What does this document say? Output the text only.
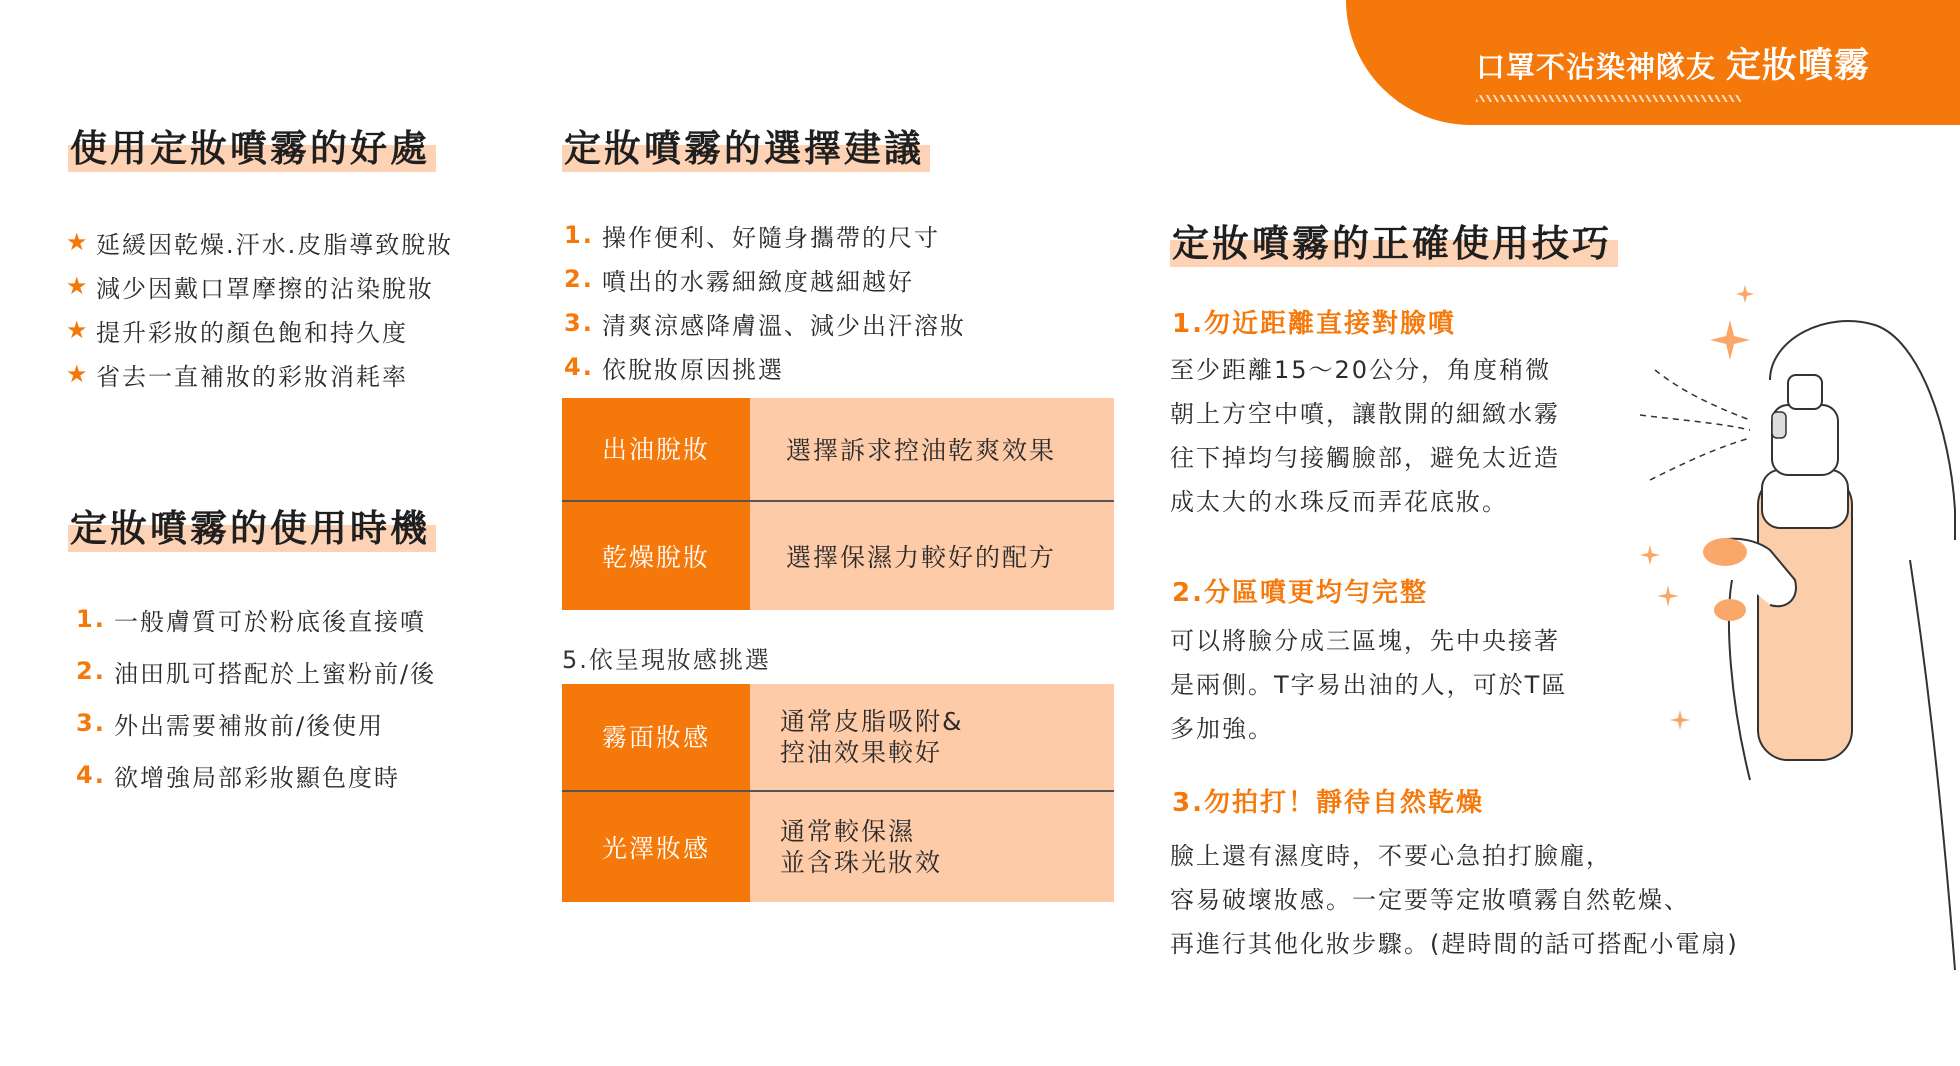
口罩不沾染神隊友 定妝噴霧
使用定妝噴霧的好處
★ 延緩因乾燥.汗水.皮脂導致脫妝
★ 減少因戴口罩摩擦的沾染脫妝
★ 提升彩妝的顏色飽和持久度
★ 省去一直補妝的彩妝消耗率
定妝噴霧的使用時機
1. 一般膚質可於粉底後直接噴
2. 油田肌可搭配於上蜜粉前/後
3. 外出需要補妝前/後使用
4. 欲增強局部彩妝顯色度時
定妝噴霧的選擇建議
1. 操作便利、好隨身攜帶的尺寸
2. 噴出的水霧細緻度越細越好
3. 清爽涼感降膚溫、減少出汗溶妝
4. 依脫妝原因挑選
出油脫妝	選擇訴求控油乾爽效果
乾燥脫妝	選擇保濕力較好的配方
5.依呈現妝感挑選
霧面妝感
通常皮脂吸附&
控油效果較好
光澤妝感
通常較保濕
並含珠光妝效
定妝噴霧的正確使用技巧
1.勿近距離直接對臉噴
至少距離15～20公分，角度稍微
朝上方空中噴，讓散開的細緻水霧
往下掉均勻接觸臉部，避免太近造
成太大的水珠反而弄花底妝。
2.分區噴更均勻完整
可以將臉分成三區塊，先中央接著
是兩側。T字易出油的人，可於T區
多加強。
3.勿拍打！靜待自然乾燥
臉上還有濕度時，不要心急拍打臉龐，
容易破壞妝感。一定要等定妝噴霧自然乾燥、
再進行其他化妝步驟。(趕時間的話可搭配小電扇)
